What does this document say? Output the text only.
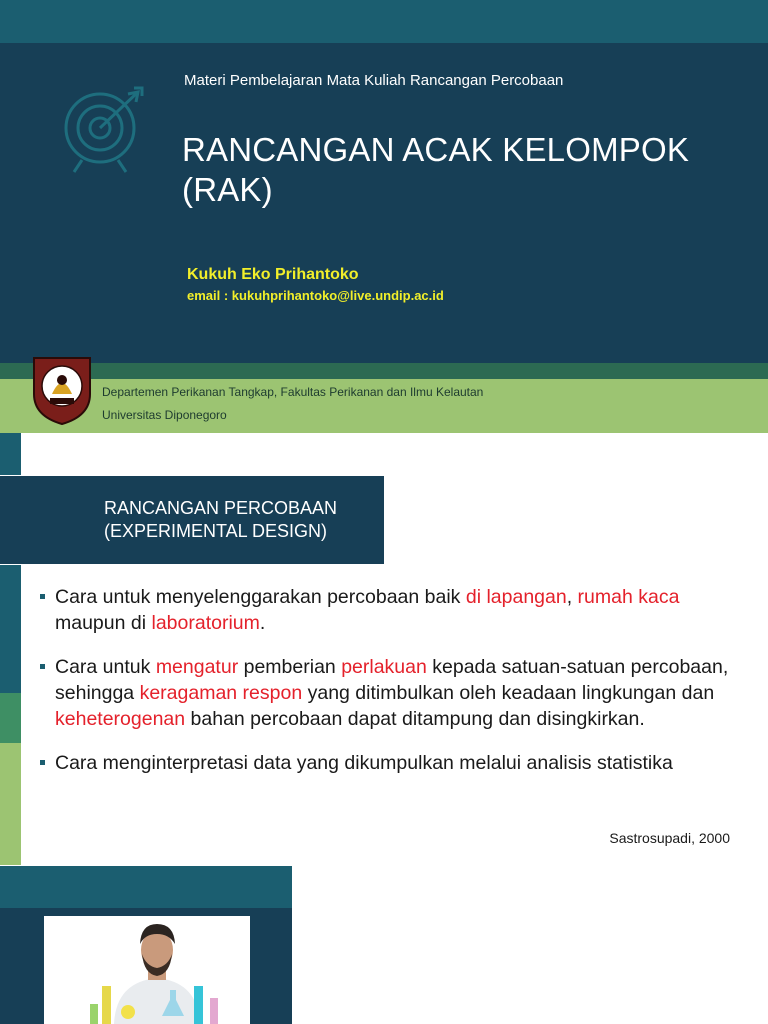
Materi Pembelajaran Mata Kuliah Rancangan Percobaan
RANCANGAN ACAK KELOMPOK
(RAK)
Kukuh Eko Prihantoko
email : kukuhprihantoko@live.undip.ac.id
Departemen Perikanan Tangkap, Fakultas Perikanan dan Ilmu Kelautan
Universitas Diponegoro
RANCANGAN PERCOBAAN
(EXPERIMENTAL DESIGN)
Cara untuk menyelenggarakan percobaan baik di lapangan, rumah kaca maupun di laboratorium.
Cara untuk mengatur pemberian perlakuan kepada satuan-satuan percobaan, sehingga keragaman respon yang ditimbulkan oleh keadaan lingkungan dan keheterogenan bahan percobaan dapat ditampung dan disingkirkan.
Cara menginterpretasi data yang dikumpulkan melalui analisis statistika
Sastrosupadi, 2000
